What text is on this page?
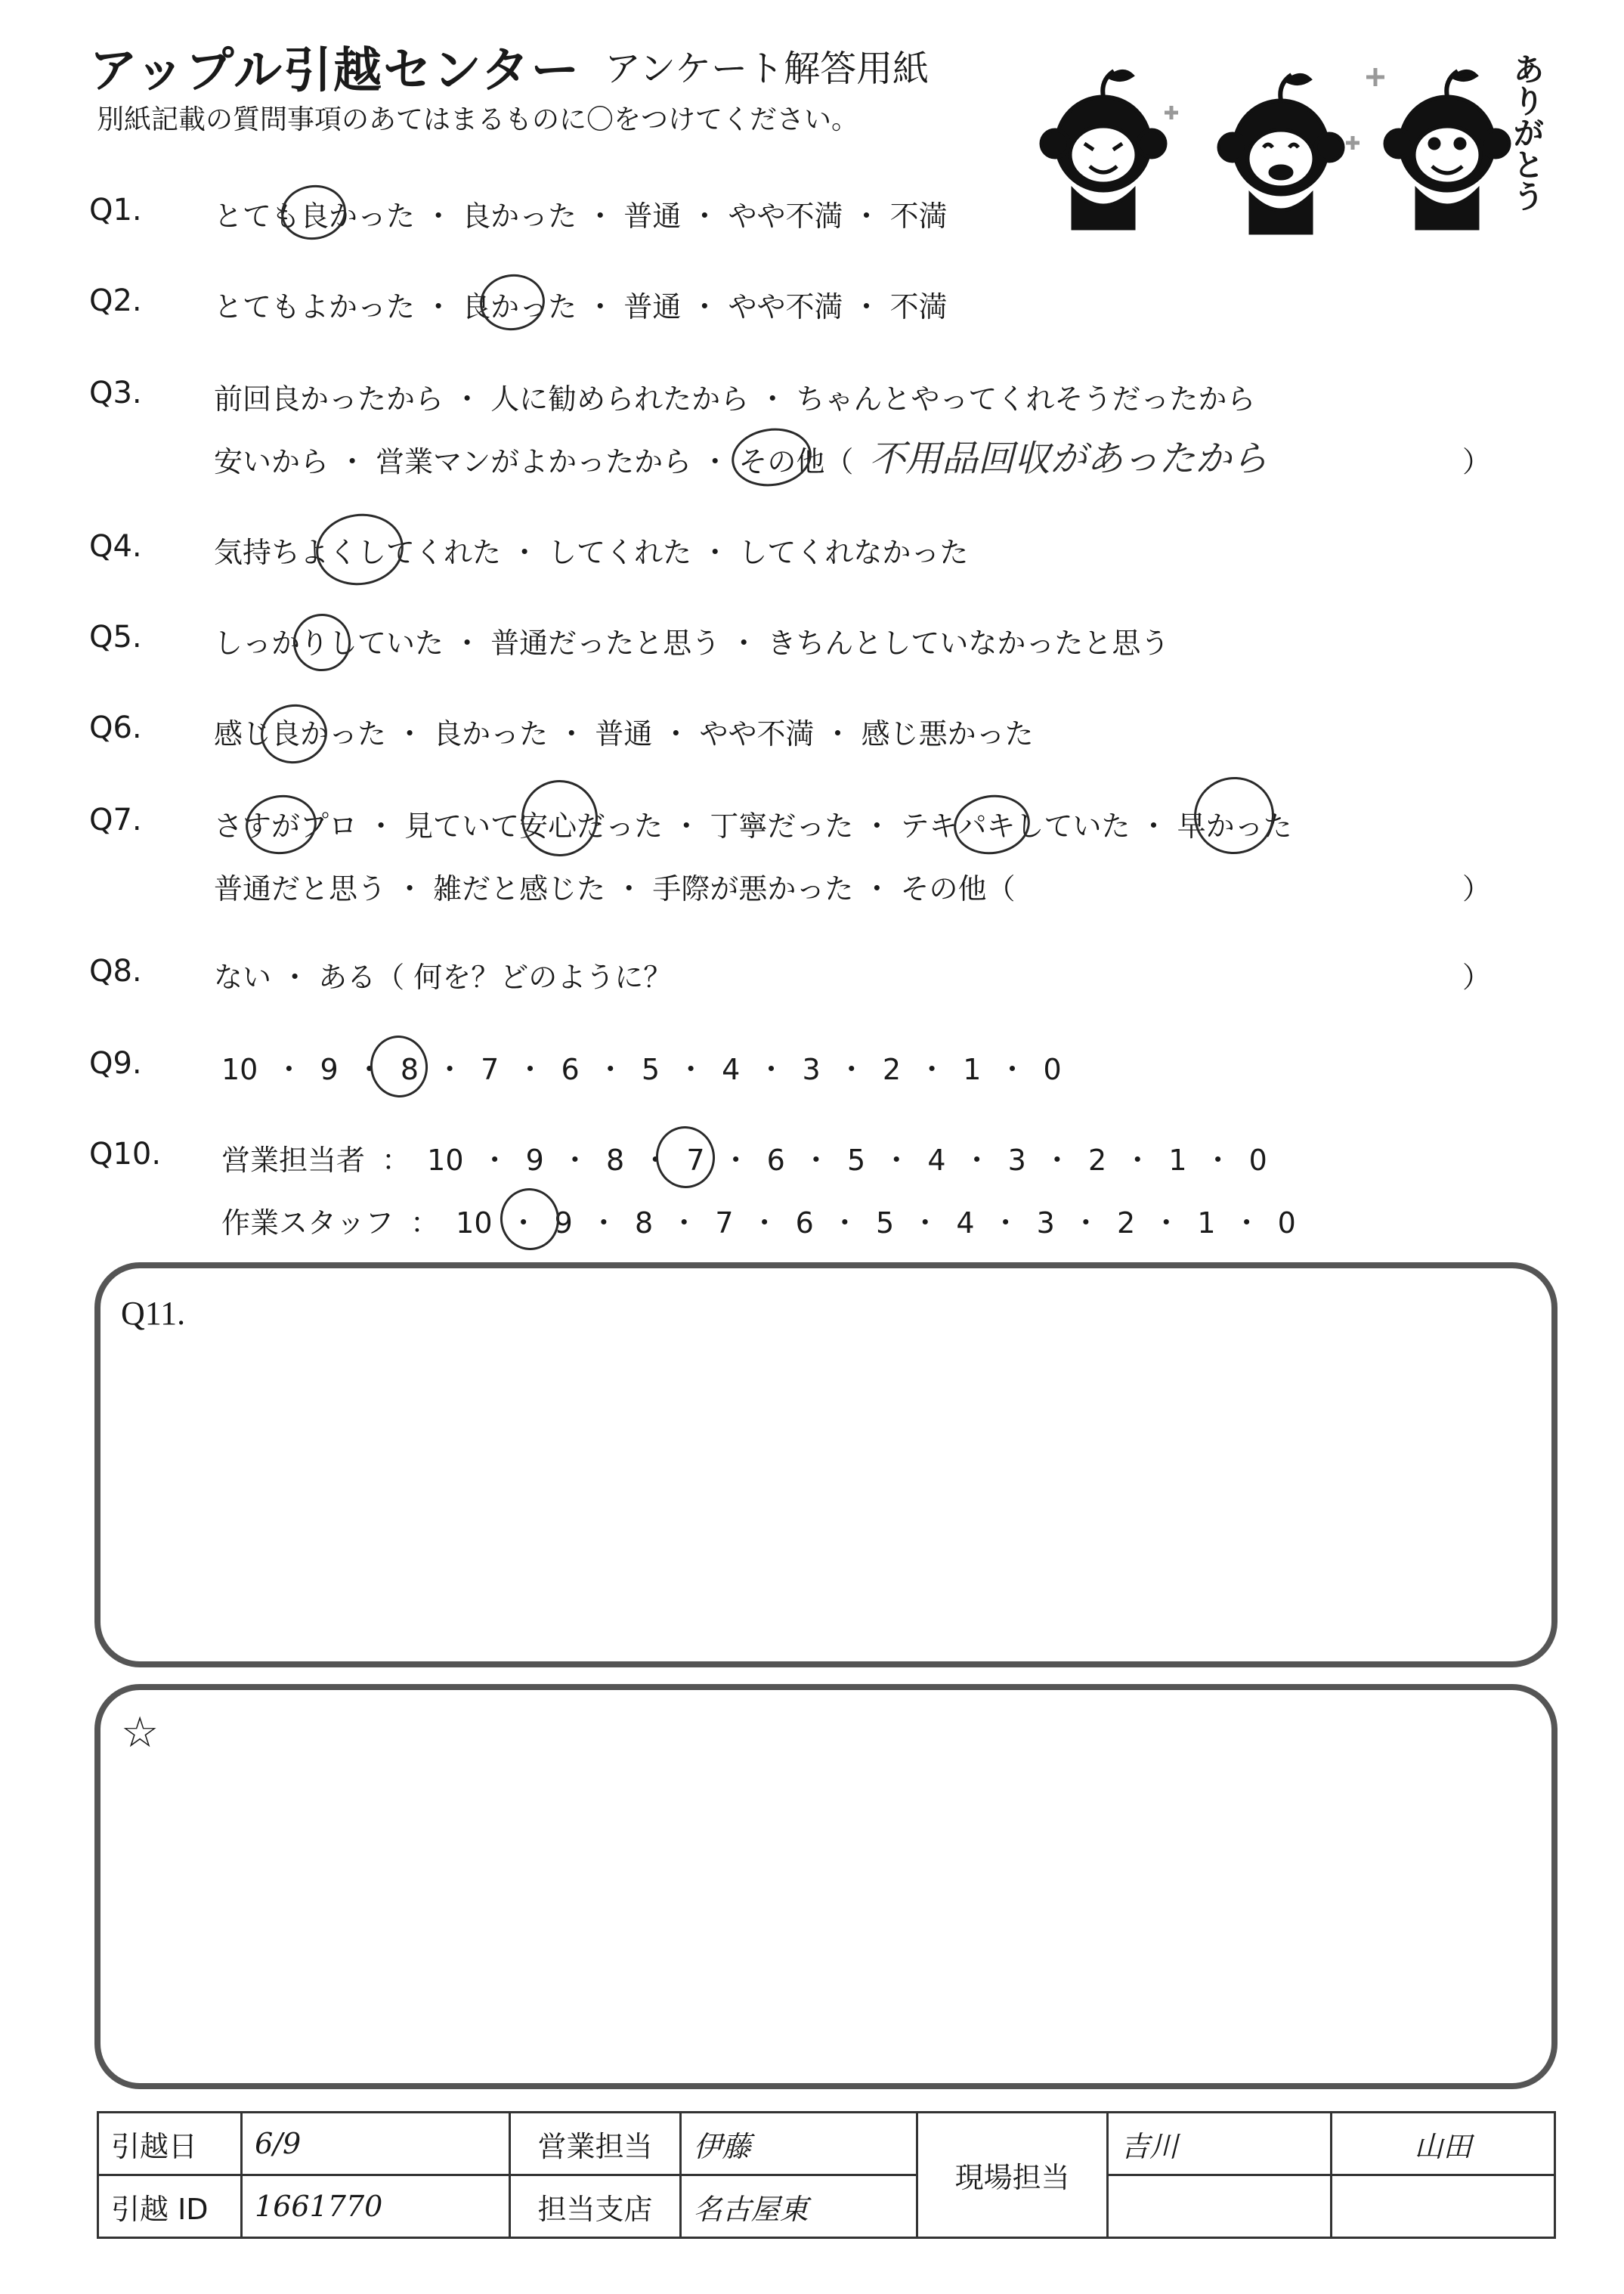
アップル引越センター アンケート解答用紙
別紙記載の質問事項のあてはまるものに〇をつけてください。	ありがとう
Q1.	とても良かった ・ 良かった ・ 普通 ・ やや不満 ・ 不満
Q2.	とてもよかった ・ 良かった ・ 普通 ・ やや不満 ・ 不満
Q3.	前回良かったから ・ 人に勧められたから ・ ちゃんとやってくれそうだったから
安いから ・ 営業マンがよかったから ・ その他（ 不用品回収があったから	）
Q4.	気持ちよくしてくれた ・ してくれた ・ してくれなかった
Q5.	しっかりしていた ・ 普通だったと思う ・ きちんとしていなかったと思う
Q6.	感じ良かった ・ 良かった ・ 普通 ・ やや不満 ・ 感じ悪かった
Q7.	さすがプロ ・ 見ていて安心だった ・ 丁寧だった ・ テキパキしていた ・ 早かった
普通だと思う ・ 雑だと感じた ・ 手際が悪かった ・ その他（	）
Q8.	ない ・ ある（ 何を？どのように？	）
Q9.	10 ・ 9 ・ 8 ・ 7 ・ 6 ・ 5 ・ 4 ・ 3 ・ 2 ・ 1 ・ 0
Q10. 営業担当者 ： 10 ・ 9 ・ 8 ・ 7 ・ 6 ・ 5 ・ 4 ・ 3 ・ 2 ・ 1 ・ 0
作業スタッフ ： 10 ・ 9 ・ 8 ・ 7 ・ 6 ・ 5 ・ 4 ・ 3 ・ 2 ・ 1 ・ 0
Q11.
☆
引越日	6/9	営業担当	伊藤	現場担当	吉川	山田
引越 ID	1661770	担当支店	名古屋東			
